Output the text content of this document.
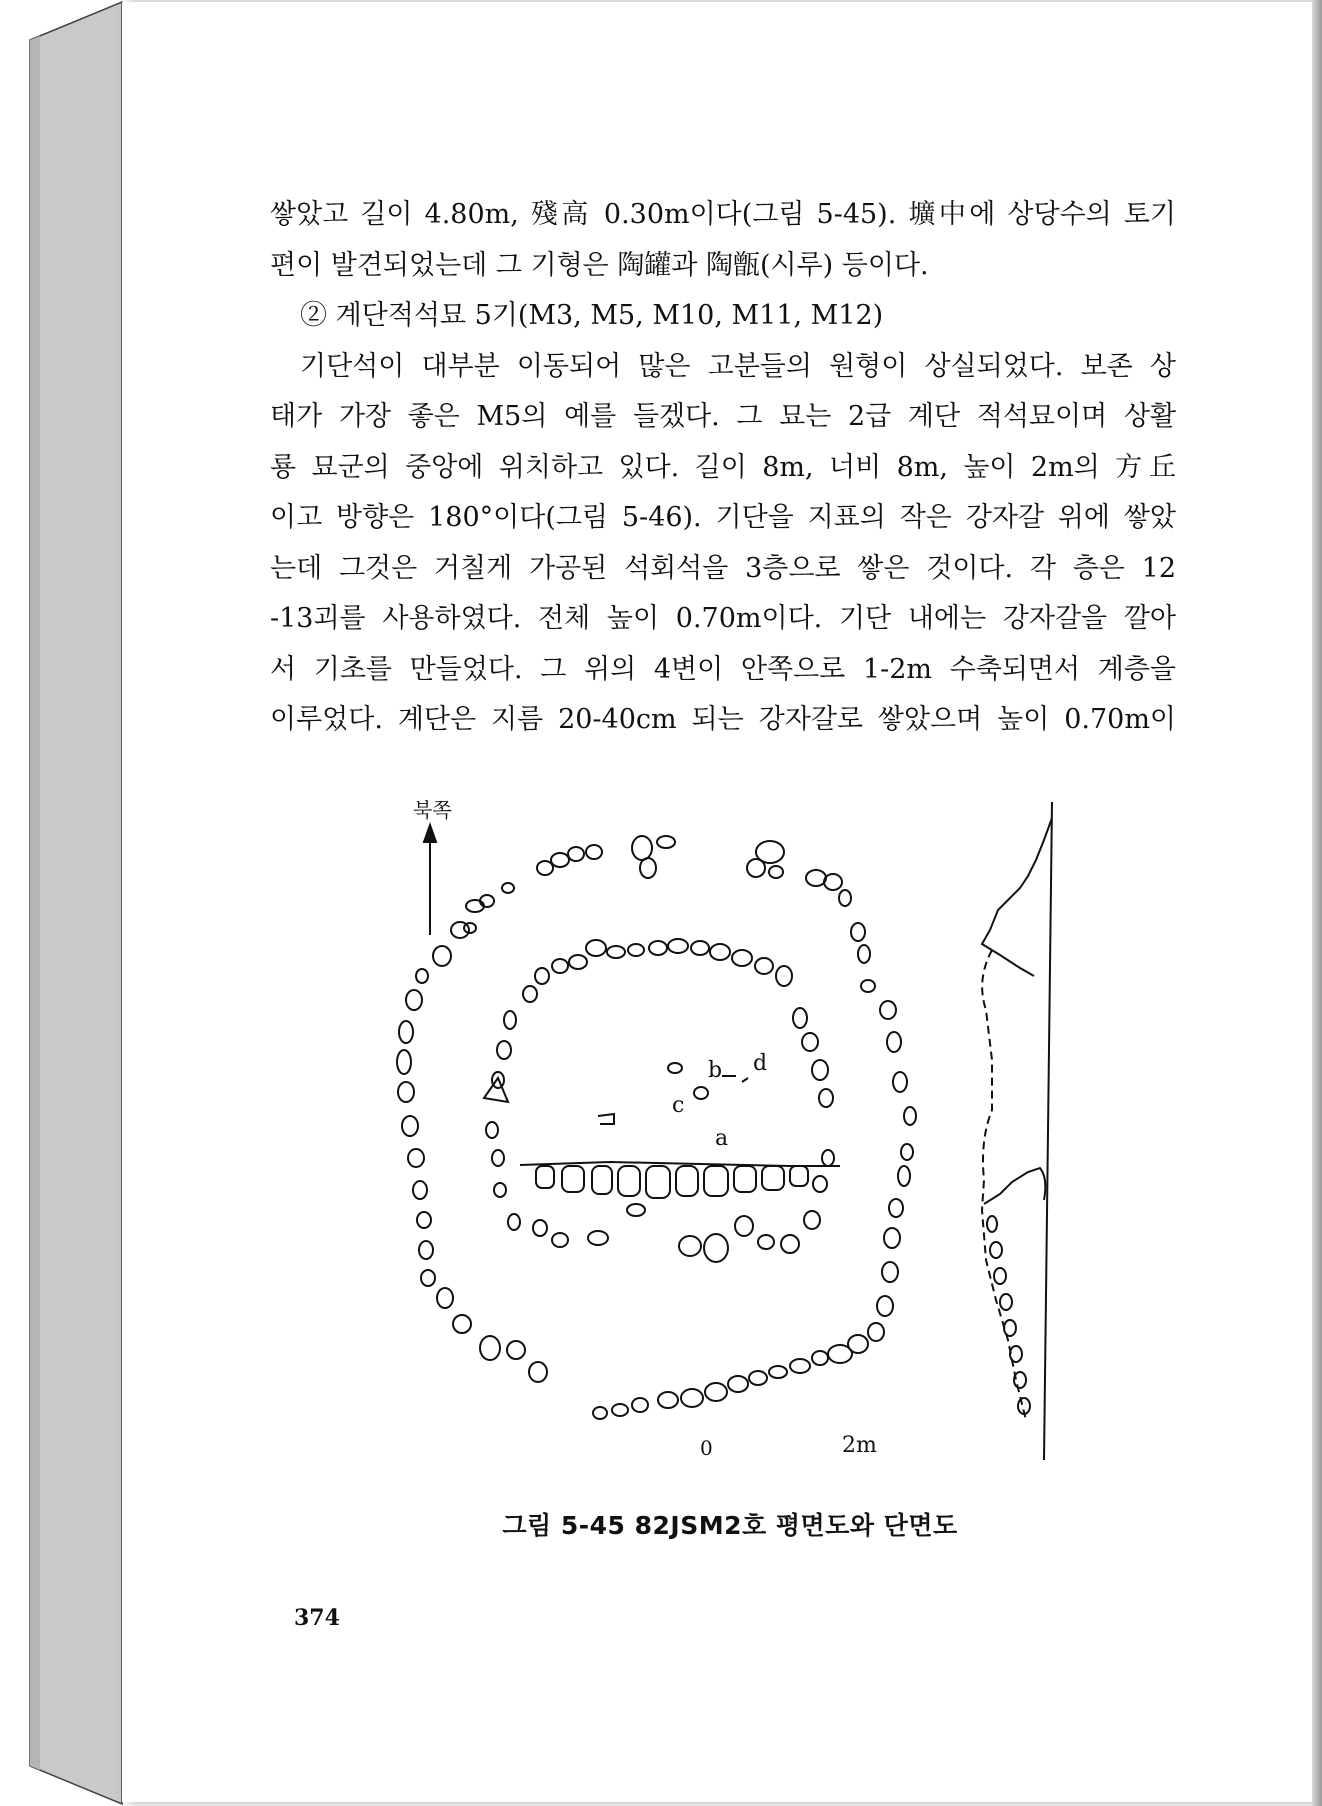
쌓았고 길이 4.80m, 殘高 0.30m이다(그림 5-45). 壙中에 상당수의 토기
편이 발견되었는데 그 기형은 陶罐과 陶甑(시루) 등이다.
② 계단적석묘 5기(M3, M5, M10, M11, M12)
기단석이 대부분 이동되어 많은 고분들의 원형이 상실되었다. 보존 상
태가 가장 좋은 M5의 예를 들겠다. 그 묘는 2급 계단 적석묘이며 상활
룡 묘군의 중앙에 위치하고 있다. 길이 8m, 너비 8m, 높이 2m의 方丘
이고 방향은 180°이다(그림 5-46). 기단을 지표의 작은 강자갈 위에 쌓았
는데 그것은 거칠게 가공된 석회석을 3층으로 쌓은 것이다. 각 층은 12
-13괴를 사용하였다. 전체 높이 0.70m이다. 기단 내에는 강자갈을 깔아
서 기초를 만들었다. 그 위의 4변이 안쪽으로 1-2m 수축되면서 계층을
이루었다. 계단은 지름 20-40cm 되는 강자갈로 쌓았으며 높이 0.70m이
북쪽
a
b
c
d
0	2m
그림 5-45 82JSM2호 평면도와 단면도
374
